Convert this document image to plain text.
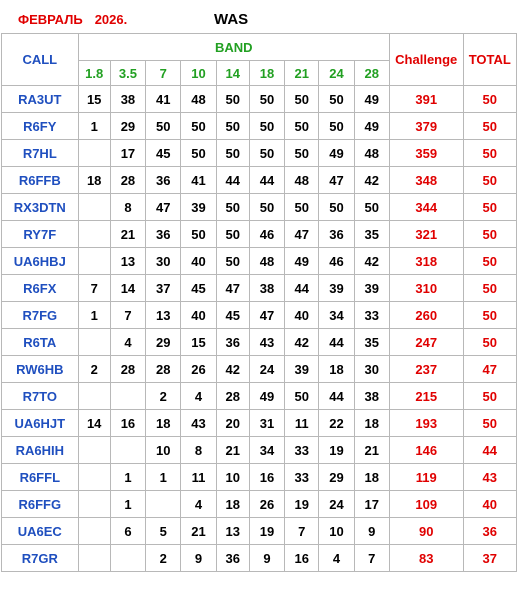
ФЕВРАЛЬ 2026.	WAS
CALL	BAND									Challenge	TOTAL
	1.8	3.5	7	10	14	18	21	24	28		
RA3UT	15	38	41	48	50	50	50	50	49	391	50
R6FY	1	29	50	50	50	50	50	50	49	379	50
R7HL		17	45	50	50	50	50	49	48	359	50
R6FFB	18	28	36	41	44	44	48	47	42	348	50
RX3DTN		8	47	39	50	50	50	50	50	344	50
RY7F		21	36	50	50	46	47	36	35	321	50
UA6HBJ		13	30	40	50	48	49	46	42	318	50
R6FX	7	14	37	45	47	38	44	39	39	310	50
R7FG	1	7	13	40	45	47	40	34	33	260	50
R6TA		4	29	15	36	43	42	44	35	247	50
RW6HB	2	28	28	26	42	24	39	18	30	237	47
R7TO			2	4	28	49	50	44	38	215	50
UA6HJT	14	16	18	43	20	31	11	22	18	193	50
RA6HIH			10	8	21	34	33	19	21	146	44
R6FFL		1	1	11	10	16	33	29	18	119	43
R6FFG		1		4	18	26	19	24	17	109	40
UA6EC		6	5	21	13	19	7	10	9	90	36
R7GR			2	9	36	9	16	4	7	83	37
